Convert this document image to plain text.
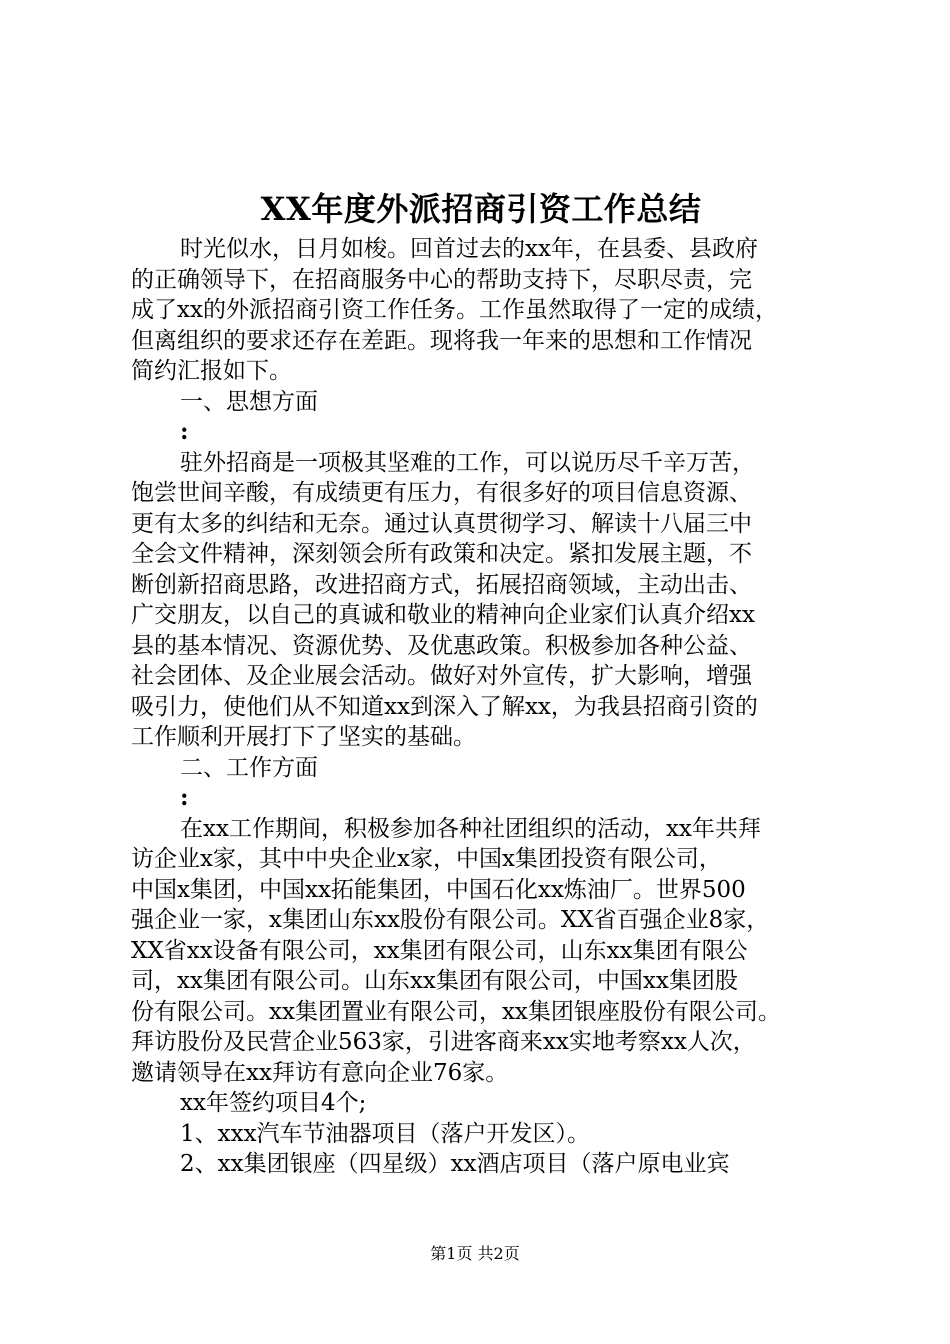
XX年度外派招商引资工作总结

时光似水，日月如梭。回首过去的xx年，在县委、县政府

的正确领导下，在招商服务中心的帮助支持下，尽职尽责，完

成了xx的外派招商引资工作任务。工作虽然取得了一定的成绩，

但离组织的要求还存在差距。现将我一年来的思想和工作情况

简约汇报如下。

一、思想方面

:

驻外招商是一项极其坚难的工作，可以说历尽千辛万苦，

饱尝世间辛酸，有成绩更有压力，有很多好的项目信息资源、

更有太多的纠结和无奈。通过认真贯彻学习、解读十八届三中

全会文件精神，深刻领会所有政策和决定。紧扣发展主题，不

断创新招商思路，改进招商方式，拓展招商领域，主动出击、

广交朋友，以自己的真诚和敬业的精神向企业家们认真介绍xx

县的基本情况、资源优势、及优惠政策。积极参加各种公益、

社会团体、及企业展会活动。做好对外宣传，扩大影响，增强

吸引力，使他们从不知道xx到深入了解xx，为我县招商引资的

工作顺利开展打下了坚实的基础。

二、工作方面

:

在xx工作期间，积极参加各种社团组织的活动，xx年共拜

访企业x家，其中中央企业x家，中国x集团投资有限公司，

中国x集团，中国xx拓能集团，中国石化xx炼油厂。世界500

强企业一家，x集团山东xx股份有限公司。XX省百强企业8家，

XX省xx设备有限公司，xx集团有限公司，山东xx集团有限公

司，xx集团有限公司。山东xx集团有限公司，中国xx集团股

份有限公司。xx集团置业有限公司，xx集团银座股份有限公司。

拜访股份及民营企业563家，引进客商来xx实地考察xx人次，

邀请领导在xx拜访有意向企业76家。

xx年签约项目4个;

1、xxx汽车节油器项目（落户开发区）。

2、xx集团银座（四星级）xx酒店项目（落户原电业宾

第1页 共2页
